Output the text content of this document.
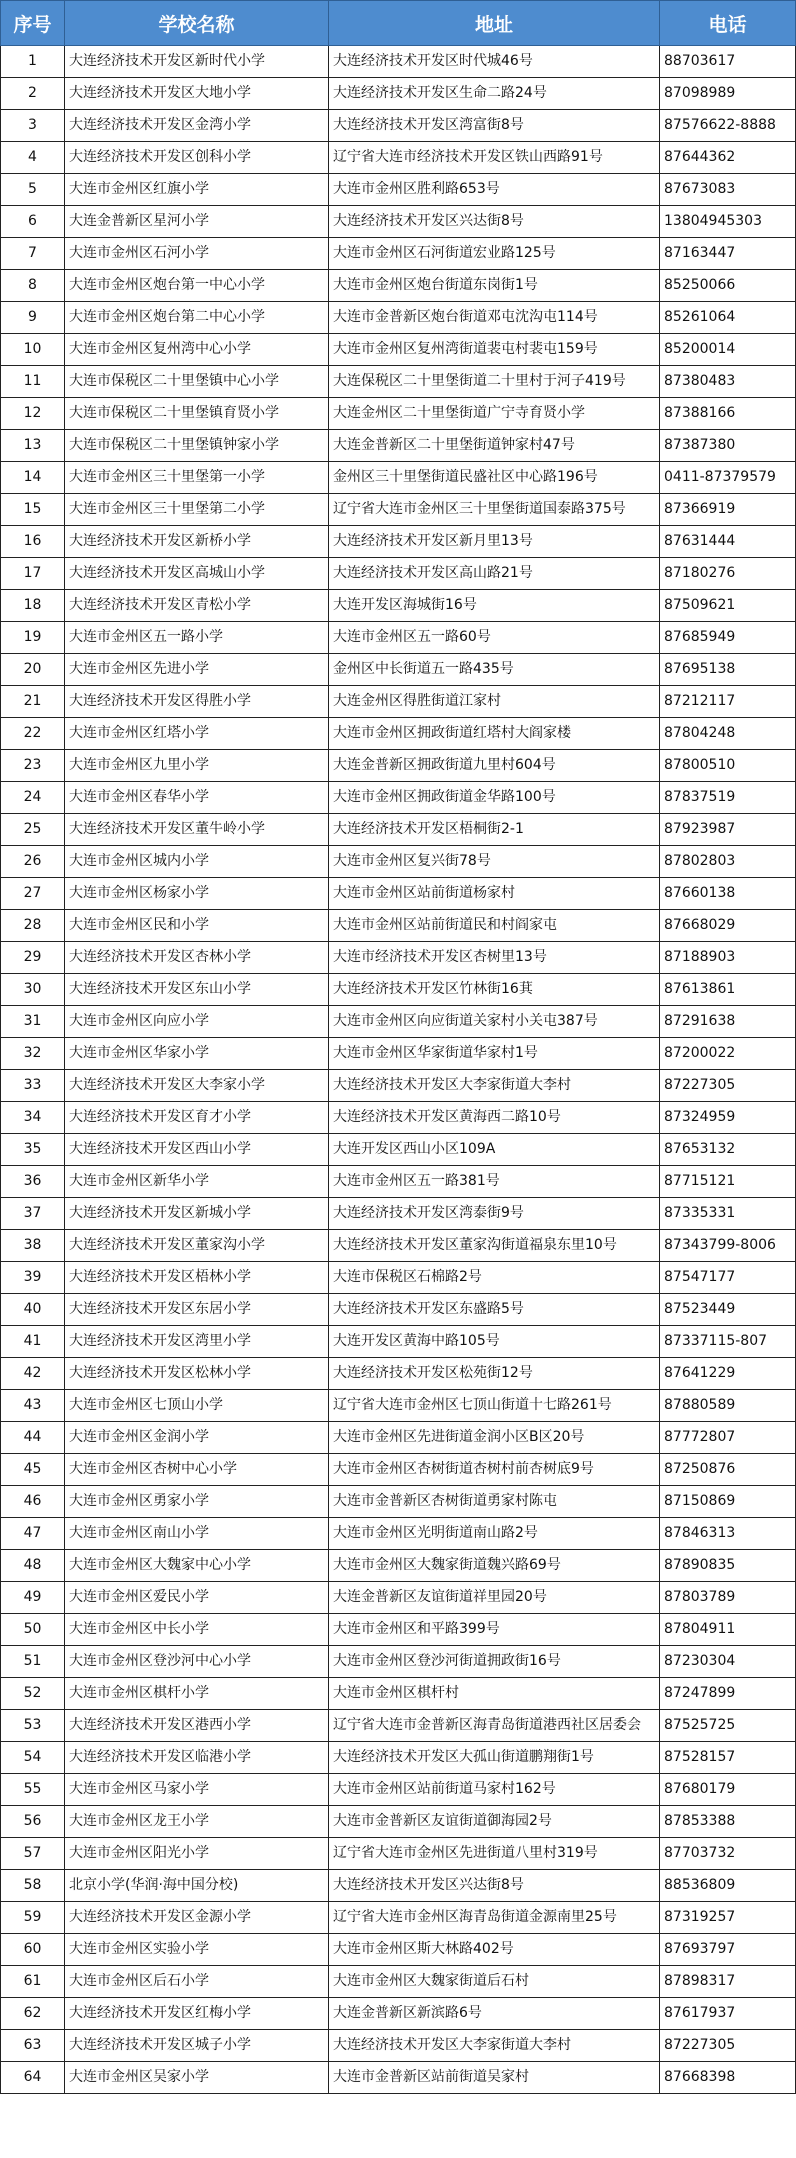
序号	学校名称	地址	电话
1	大连经济技术开发区新时代小学	大连经济技术开发区时代城46号	88703617
2	大连经济技术开发区大地小学	大连经济技术开发区生命二路24号	87098989
3	大连经济技术开发区金湾小学	大连经济技术开发区湾富街8号	87576622-8888
4	大连经济技术开发区创科小学	辽宁省大连市经济技术开发区铁山西路91号	87644362
5	大连市金州区红旗小学	大连市金州区胜利路653号	87673083
6	大连金普新区星河小学	大连经济技术开发区兴达街8号	13804945303
7	大连市金州区石河小学	大连市金州区石河街道宏业路125号	87163447
8	大连市金州区炮台第一中心小学	大连市金州区炮台街道东岗街1号	85250066
9	大连市金州区炮台第二中心小学	大连市金普新区炮台街道邓屯沈沟屯114号	85261064
10	大连市金州区复州湾中心小学	大连市金州区复州湾街道裴屯村裴屯159号	85200014
11	大连市保税区二十里堡镇中心小学	大连保税区二十里堡街道二十里村于河子419号	87380483
12	大连市保税区二十里堡镇育贤小学	大连金州区二十里堡街道广宁寺育贤小学	87388166
13	大连市保税区二十里堡镇钟家小学	大连金普新区二十里堡街道钟家村47号	87387380
14	大连市金州区三十里堡第一小学	金州区三十里堡街道民盛社区中心路196号	0411-87379579
15	大连市金州区三十里堡第二小学	辽宁省大连市金州区三十里堡街道国泰路375号	87366919
16	大连经济技术开发区新桥小学	大连经济技术开发区新月里13号	87631444
17	大连经济技术开发区高城山小学	大连经济技术开发区高山路21号	87180276
18	大连经济技术开发区青松小学	大连开发区海城街16号	87509621
19	大连市金州区五一路小学	大连市金州区五一路60号	87685949
20	大连市金州区先进小学	金州区中长街道五一路435号	87695138
21	大连经济技术开发区得胜小学	大连金州区得胜街道江家村	87212117
22	大连市金州区红塔小学	大连市金州区拥政街道红塔村大阎家楼	87804248
23	大连市金州区九里小学	大连金普新区拥政街道九里村604号	87800510
24	大连市金州区春华小学	大连市金州区拥政街道金华路100号	87837519
25	大连经济技术开发区董牛岭小学	大连经济技术开发区梧桐街2-1	87923987
26	大连市金州区城内小学	大连市金州区复兴街78号	87802803
27	大连市金州区杨家小学	大连市金州区站前街道杨家村	87660138
28	大连市金州区民和小学	大连市金州区站前街道民和村阎家屯	87668029
29	大连经济技术开发区杏林小学	大连市经济技术开发区杏树里13号	87188903
30	大连经济技术开发区东山小学	大连经济技术开发区竹林街16萁	87613861
31	大连市金州区向应小学	大连市金州区向应街道关家村小关屯387号	87291638
32	大连市金州区华家小学	大连市金州区华家街道华家村1号	87200022
33	大连经济技术开发区大李家小学	大连经济技术开发区大李家街道大李村	87227305
34	大连经济技术开发区育才小学	大连经济技术开发区黄海西二路10号	87324959
35	大连经济技术开发区西山小学	大连开发区西山小区109A	87653132
36	大连市金州区新华小学	大连市金州区五一路381号	87715121
37	大连经济技术开发区新城小学	大连经济技术开发区湾泰街9号	87335331
38	大连经济技术开发区董家沟小学	大连经济技术开发区董家沟街道福泉东里10号	87343799-8006
39	大连经济技术开发区梧林小学	大连市保税区石棉路2号	87547177
40	大连经济技术开发区东居小学	大连经济技术开发区东盛路5号	87523449
41	大连经济技术开发区湾里小学	大连开发区黄海中路105号	87337115-807
42	大连经济技术开发区松林小学	大连经济技术开发区松苑街12号	87641229
43	大连市金州区七顶山小学	辽宁省大连市金州区七顶山街道十七路261号	87880589
44	大连市金州区金润小学	大连市金州区先进街道金润小区B区20号	87772807
45	大连市金州区杏树中心小学	大连市金州区杏树街道杏树村前杏树底9号	87250876
46	大连市金州区勇家小学	大连市金普新区杏树街道勇家村陈屯	87150869
47	大连市金州区南山小学	大连市金州区光明街道南山路2号	87846313
48	大连市金州区大魏家中心小学	大连市金州区大魏家街道魏兴路69号	87890835
49	大连市金州区爱民小学	大连金普新区友谊街道祥里园20号	87803789
50	大连市金州区中长小学	大连市金州区和平路399号	87804911
51	大连市金州区登沙河中心小学	大连市金州区登沙河街道拥政街16号	87230304
52	大连市金州区棋杆小学	大连市金州区棋杆村	87247899
53	大连经济技术开发区港西小学	辽宁省大连市金普新区海青岛街道港西社区居委会	87525725
54	大连经济技术开发区临港小学	大连经济技术开发区大孤山街道鹏翔街1号	87528157
55	大连市金州区马家小学	大连市金州区站前街道马家村162号	87680179
56	大连市金州区龙王小学	大连市金普新区友谊街道御海园2号	87853388
57	大连市金州区阳光小学	辽宁省大连市金州区先进街道八里村319号	87703732
58	北京小学(华润·海中国分校)	大连经济技术开发区兴达街8号	88536809
59	大连经济技术开发区金源小学	辽宁省大连市金州区海青岛街道金源南里25号	87319257
60	大连市金州区实验小学	大连市金州区斯大林路402号	87693797
61	大连市金州区后石小学	大连市金州区大魏家街道后石村	87898317
62	大连经济技术开发区红梅小学	大连金普新区新滨路6号	87617937
63	大连经济技术开发区城子小学	大连经济技术开发区大李家街道大李村	87227305
64	大连市金州区吴家小学	大连市金普新区站前街道吴家村	87668398
